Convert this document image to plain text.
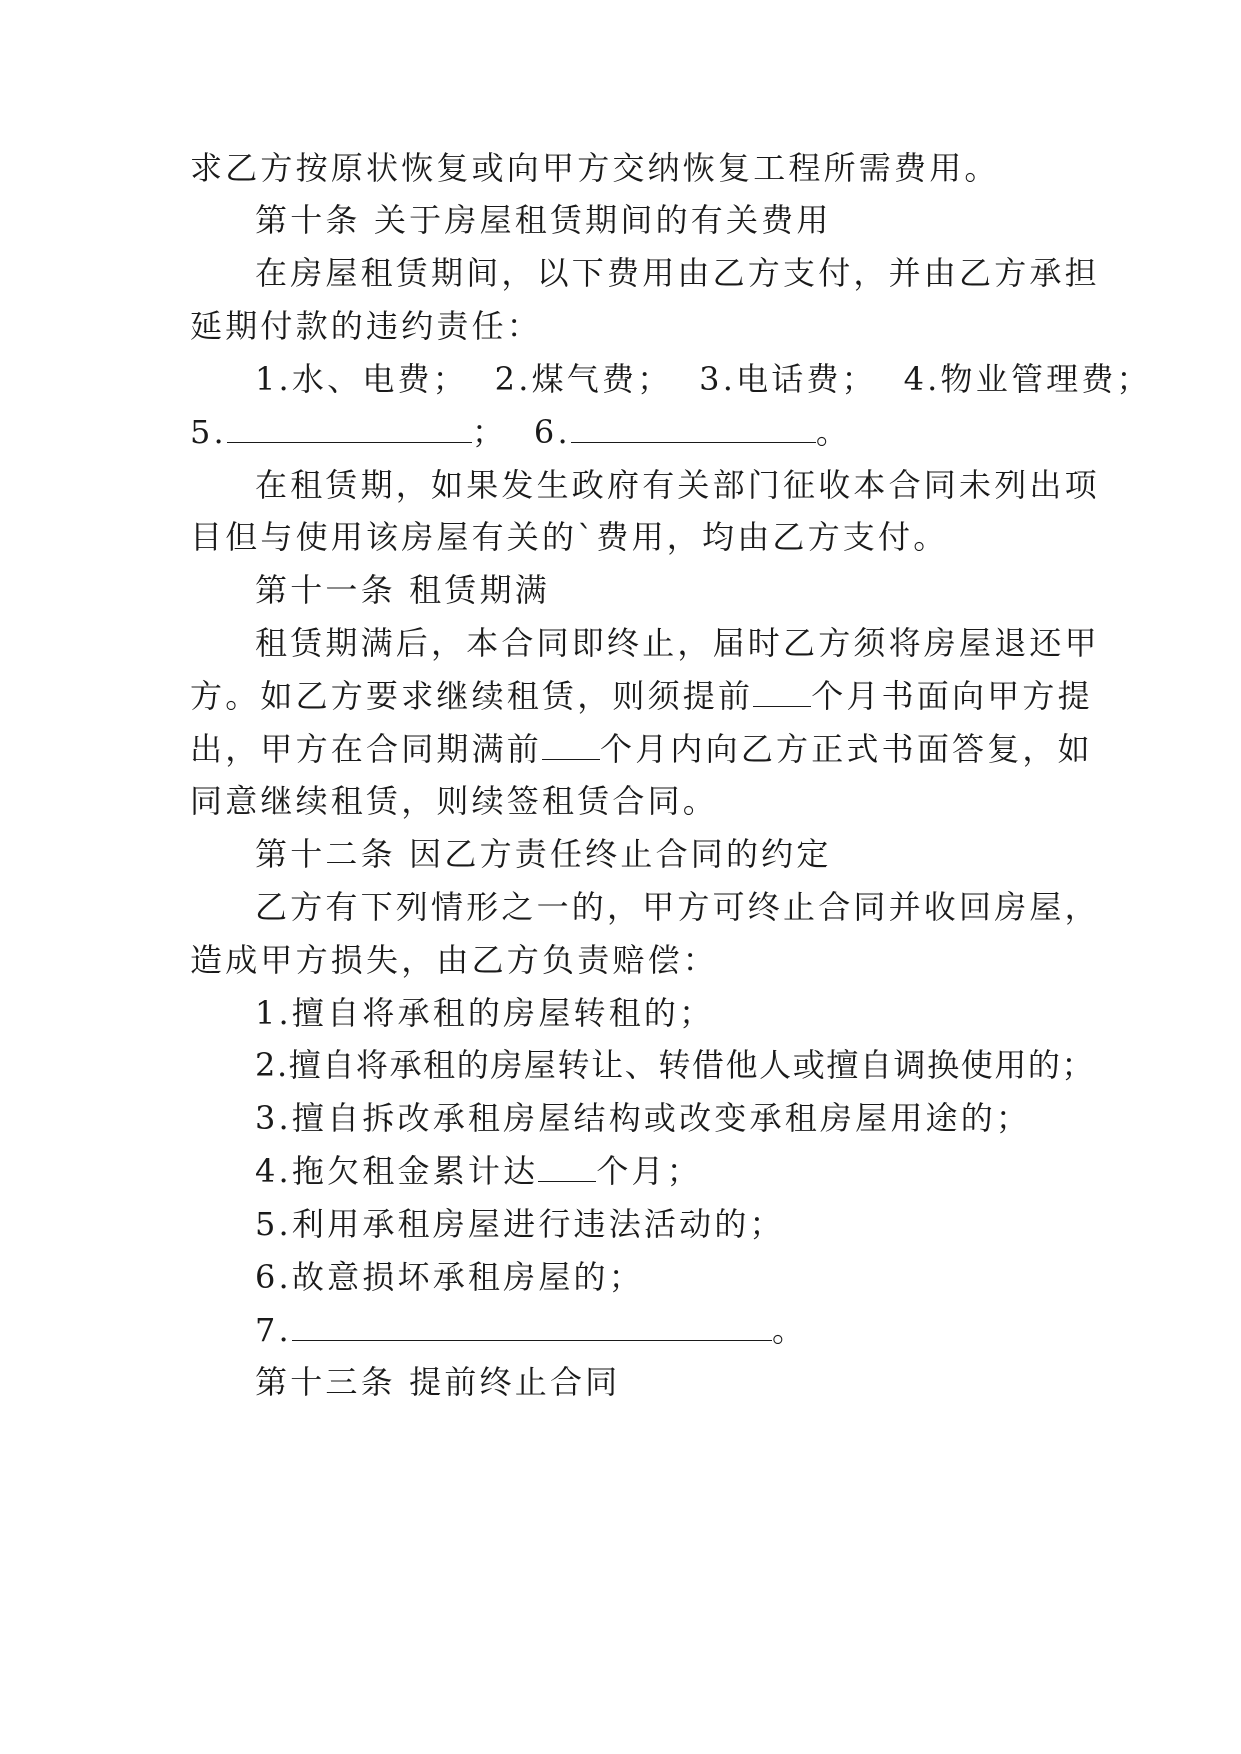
求乙方按原状恢复或向甲方交纳恢复工程所需费用。
第十条 关于房屋租赁期间的有关费用
在房屋租赁期间，以下费用由乙方支付，并由乙方承担
延期付款的违约责任：
1.水、电费；  2.煤气费；  3.电话费；  4.物业管理费；
5.	；  6.	。
在租赁期，如果发生政府有关部门征收本合同未列出项
目但与使用该房屋有关的`费用，均由乙方支付。
第十一条 租赁期满
租赁期满后，本合同即终止，届时乙方须将房屋退还甲
方。如乙方要求继续租赁，则须提前 个月书面向甲方提
出，甲方在合同期满前 个月内向乙方正式书面答复，如
同意继续租赁，则续签租赁合同。
第十二条 因乙方责任终止合同的约定
乙方有下列情形之一的，甲方可终止合同并收回房屋，
造成甲方损失，由乙方负责赔偿：
1.擅自将承租的房屋转租的；
2.擅自将承租的房屋转让、转借他人或擅自调换使用的；
3.擅自拆改承租房屋结构或改变承租房屋用途的；
4.拖欠租金累计达 个月；
5.利用承租房屋进行违法活动的；
6.故意损坏承租房屋的；
7.	。
第十三条 提前终止合同
